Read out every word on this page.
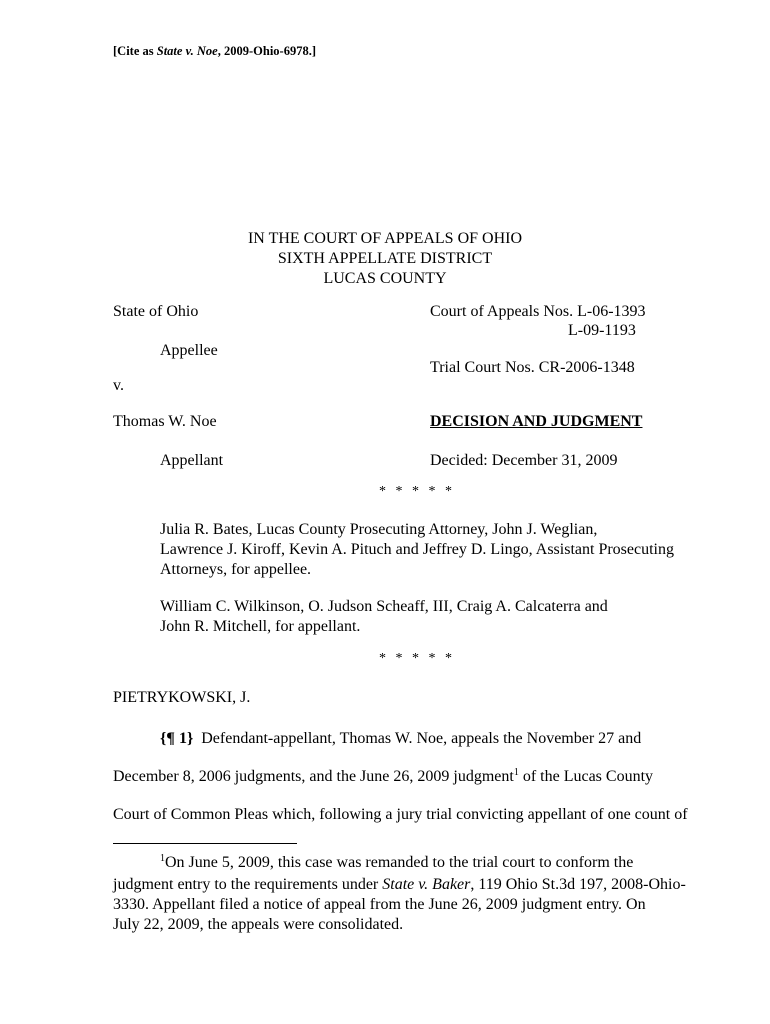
[Cite as State v. Noe, 2009-Ohio-6978.]
IN THE COURT OF APPEALS OF OHIO
SIXTH APPELLATE DISTRICT
LUCAS COUNTY
State of Ohio
Appellee
v.
Thomas W. Noe
Appellant
Court of Appeals Nos. L-06-1393
L-09-1193
Trial Court Nos. CR-2006-1348
DECISION AND JUDGMENT
Decided: December 31, 2009
* * * * *
Julia R. Bates, Lucas County Prosecuting Attorney, John J. Weglian,
Lawrence J. Kiroff, Kevin A. Pituch and Jeffrey D. Lingo, Assistant Prosecuting
Attorneys, for appellee.
William C. Wilkinson, O. Judson Scheaff, III, Craig A. Calcaterra and
John R. Mitchell, for appellant.
* * * * *
PIETRYKOWSKI, J.
{¶ 1}  Defendant-appellant, Thomas W. Noe, appeals the November 27 and
December 8, 2006 judgments, and the June 26, 2009 judgment$^1$ of the Lucas County
Court of Common Pleas which, following a jury trial convicting appellant of one count of
$^1$On June 5, 2009, this case was remanded to the trial court to conform the
judgment entry to the requirements under State v. Baker, 119 Ohio St.3d 197, 2008-Ohio-
3330. Appellant filed a notice of appeal from the June 26, 2009 judgment entry. On
July 22, 2009, the appeals were consolidated.
